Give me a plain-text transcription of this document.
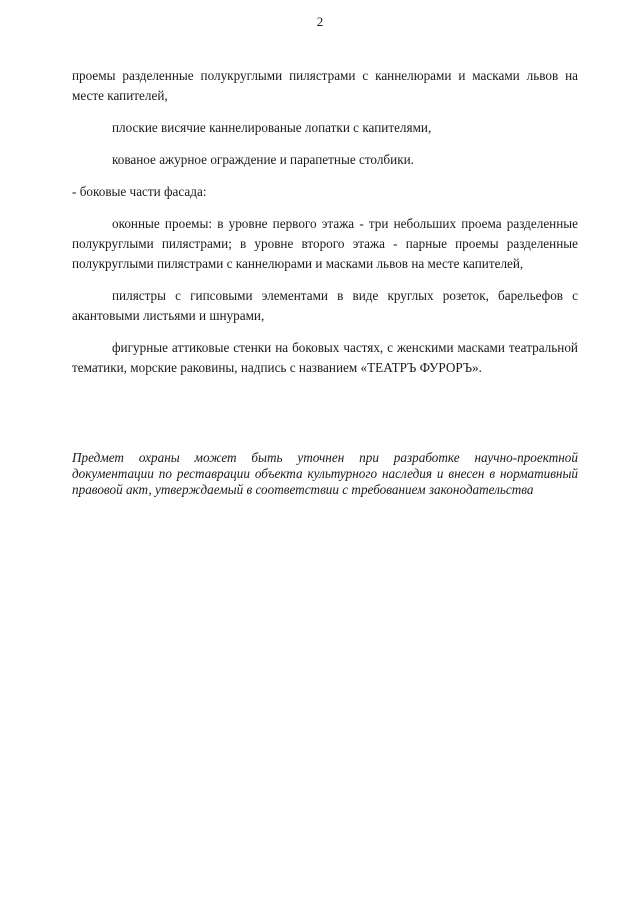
2

проемы разделенные полукруглыми пилястрами с каннелюрами и масками львов на месте капителей,

плоские висячие каннелированые лопатки с капителями,

кованое ажурное ограждение и парапетные столбики.

- боковые части фасада:

оконные проемы: в уровне первого этажа - три небольших проема разделенные полукруглыми пилястрами; в уровне второго этажа - парные проемы разделенные полукруглыми пилястрами с каннелюрами и масками львов на месте капителей,

пилястры с гипсовыми элементами в виде круглых розеток, барельефов с акантовыми листьями и шнурами,

фигурные аттиковые стенки на боковых частях, с женскими масками театральной тематики, морские раковины, надпись с названием «ТЕАТРЪ ФУРОРЪ».

Предмет охраны может быть уточнен при разработке научно-проектной документации по реставрации объекта культурного наследия и внесен в нормативный правовой акт, утверждаемый в соответствии с требованием законодательства
